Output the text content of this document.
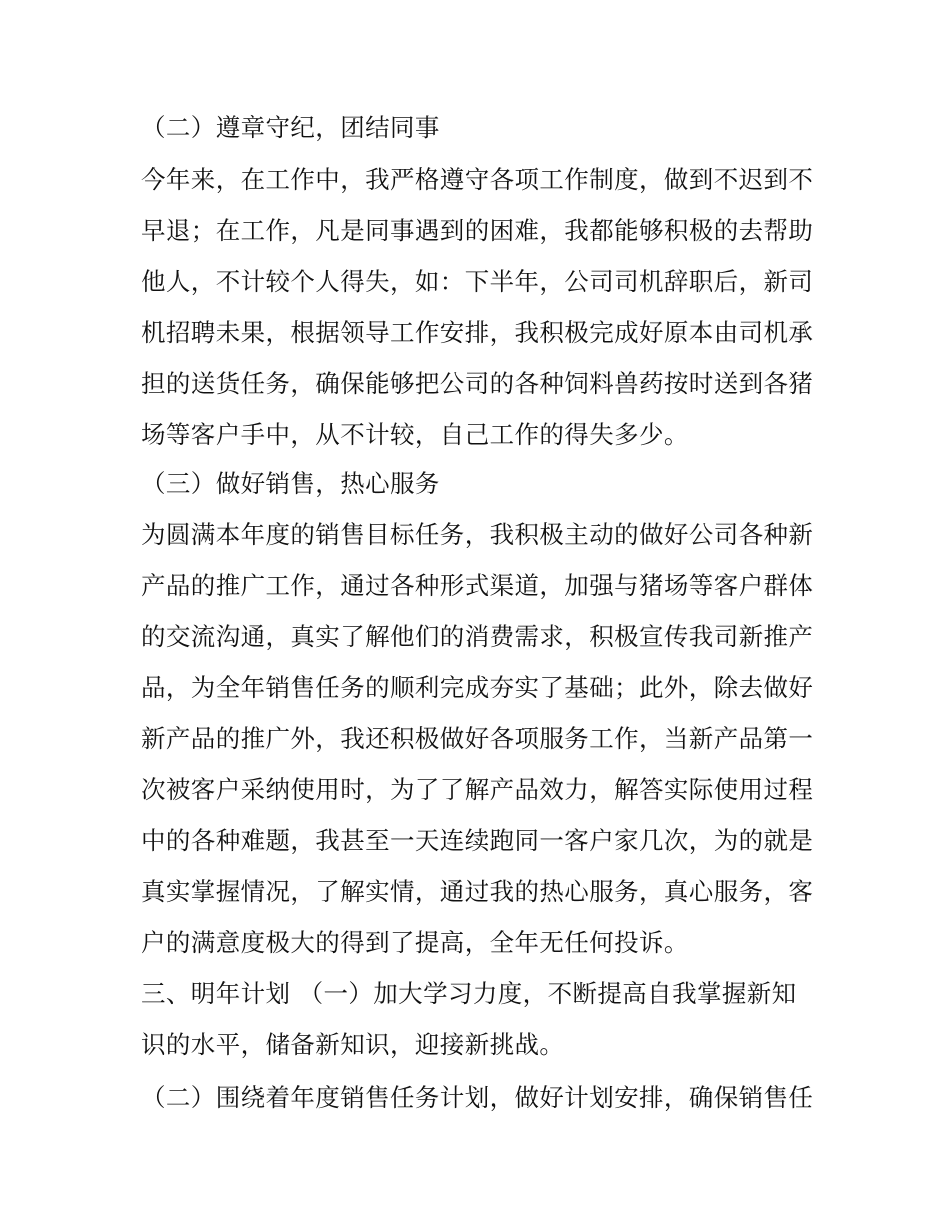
（二）遵章守纪，团结同事
今年来，在工作中，我严格遵守各项工作制度，做到不迟到不
早退；在工作，凡是同事遇到的困难，我都能够积极的去帮助
他人，不计较个人得失，如：下半年，公司司机辞职后，新司
机招聘未果，根据领导工作安排，我积极完成好原本由司机承
担的送货任务，确保能够把公司的各种饲料兽药按时送到各猪
场等客户手中，从不计较，自己工作的得失多少。
（三）做好销售，热心服务
为圆满本年度的销售目标任务，我积极主动的做好公司各种新
产品的推广工作，通过各种形式渠道，加强与猪场等客户群体
的交流沟通，真实了解他们的消费需求，积极宣传我司新推产
品，为全年销售任务的顺利完成夯实了基础；此外，除去做好
新产品的推广外，我还积极做好各项服务工作，当新产品第一
次被客户采纳使用时，为了了解产品效力，解答实际使用过程
中的各种难题，我甚至一天连续跑同一客户家几次，为的就是
真实掌握情况，了解实情，通过我的热心服务，真心服务，客
户的满意度极大的得到了提高，全年无任何投诉。
三、明年计划 （一）加大学习力度，不断提高自我掌握新知
识的水平，储备新知识，迎接新挑战。
（二）围绕着年度销售任务计划，做好计划安排，确保销售任
